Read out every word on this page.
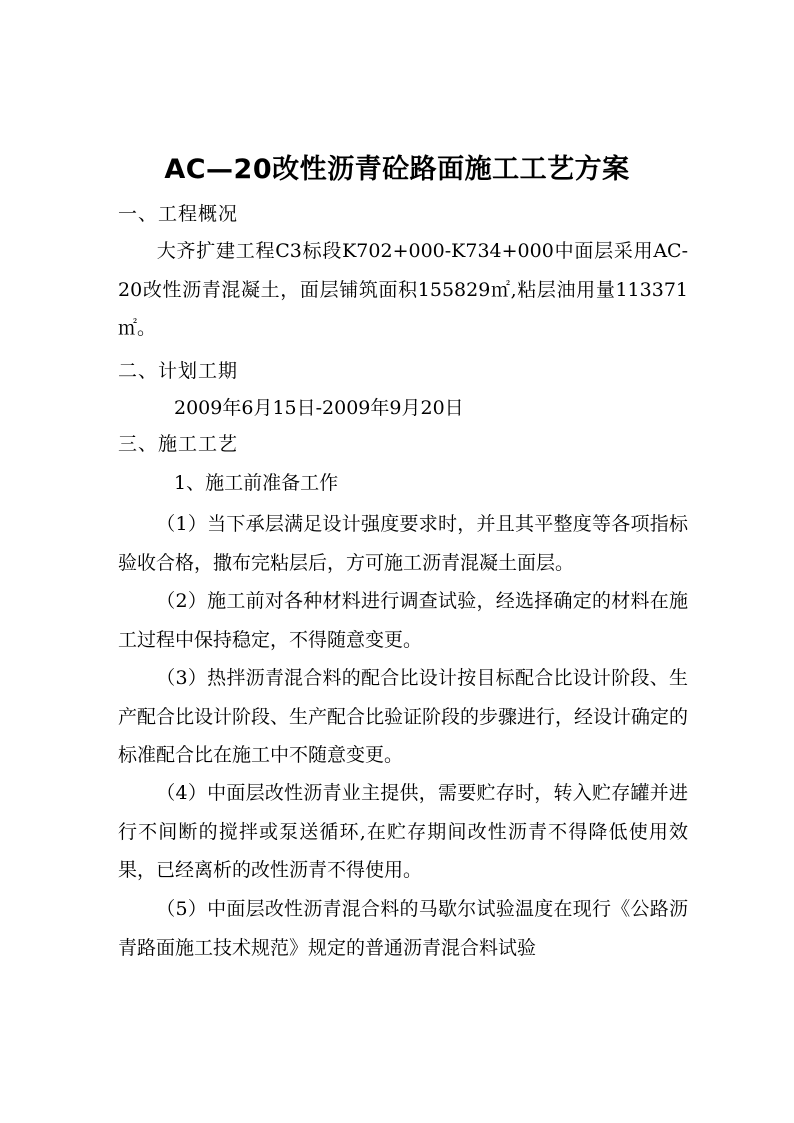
AC—20改性沥青砼路面施工工艺方案
一、工程概况
大齐扩建工程C3标段K702+000-K734+000中面层采用AC-20改性沥青混凝土，面层铺筑面积155829㎡,粘层油用量113371㎡。
二、计划工期
2009年6月15日-2009年9月20日
三、施工工艺
1、施工前准备工作
（1）当下承层满足设计强度要求时，并且其平整度等各项指标验收合格，撒布完粘层后，方可施工沥青混凝土面层。
（2）施工前对各种材料进行调查试验，经选择确定的材料在施工过程中保持稳定，不得随意变更。
（3）热拌沥青混合料的配合比设计按目标配合比设计阶段、生产配合比设计阶段、生产配合比验证阶段的步骤进行，经设计确定的标准配合比在施工中不随意变更。
（4）中面层改性沥青业主提供，需要贮存时，转入贮存罐并进行不间断的搅拌或泵送循环,在贮存期间改性沥青不得降低使用效果，已经离析的改性沥青不得使用。
（5）中面层改性沥青混合料的马歇尔试验温度在现行《公路沥青路面施工技术规范》规定的普通沥青混合料试验
